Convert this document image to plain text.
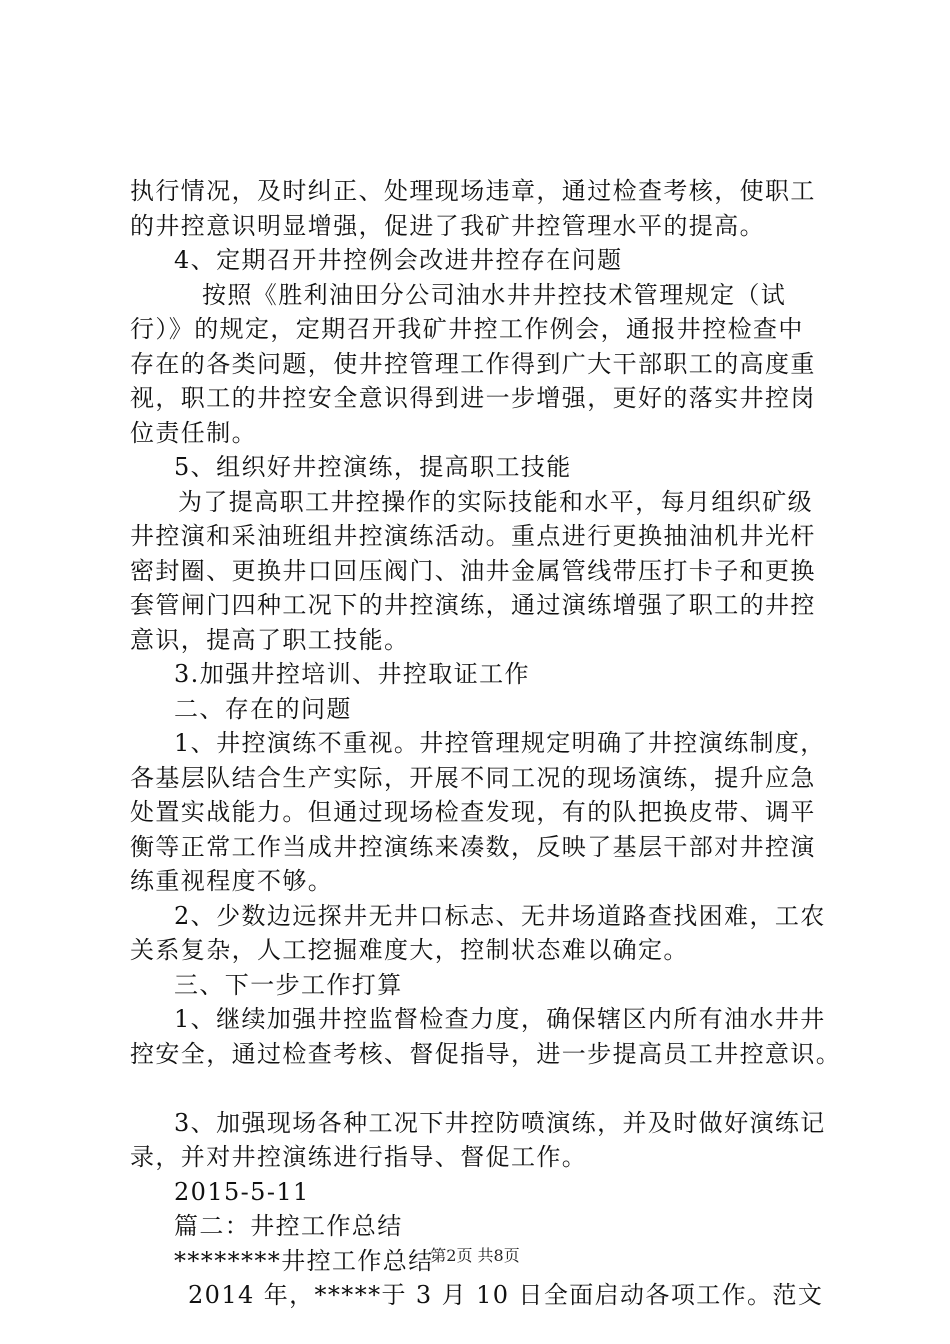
执行情况，及时纠正、处理现场违章，通过检查考核，使职工
的井控意识明显增强，促进了我矿井控管理水平的提高。
4、定期召开井控例会改进井控存在问题
按照《胜利油田分公司油水井井控技术管理规定（试
行）》的规定，定期召开我矿井控工作例会，通报井控检查中
存在的各类问题，使井控管理工作得到广大干部职工的高度重
视，职工的井控安全意识得到进一步增强，更好的落实井控岗
位责任制。
5、组织好井控演练，提高职工技能
为了提高职工井控操作的实际技能和水平，每月组织矿级
井控演和采油班组井控演练活动。重点进行更换抽油机井光杆
密封圈、更换井口回压阀门、油井金属管线带压打卡子和更换
套管闸门四种工况下的井控演练，通过演练增强了职工的井控
意识，提高了职工技能。
3.加强井控培训、井控取证工作
二、存在的问题
1、井控演练不重视。井控管理规定明确了井控演练制度，
各基层队结合生产实际，开展不同工况的现场演练，提升应急
处置实战能力。但通过现场检查发现，有的队把换皮带、调平
衡等正常工作当成井控演练来凑数，反映了基层干部对井控演
练重视程度不够。
2、少数边远探井无井口标志、无井场道路查找困难，工农
关系复杂，人工挖掘难度大，控制状态难以确定。
三、下一步工作打算
1、继续加强井控监督检查力度，确保辖区内所有油水井井
控安全，通过检查考核、督促指导，进一步提高员工井控意识。
3、加强现场各种工况下井控防喷演练，并及时做好演练记
录，并对井控演练进行指导、督促工作。
2015-5-11
篇二：井控工作总结
********井控工作总结
2014 年，*****于 3 月 10 日全面启动各项工作。范文
第2页 共8页
